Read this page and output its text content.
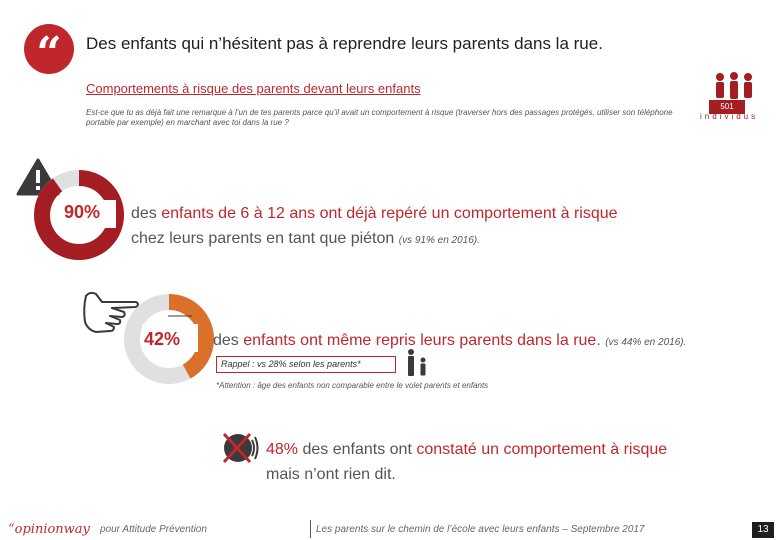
“	Des enfants qui n’hésitent pas à reprendre leurs parents dans la rue.
Comportements à risque des parents devant leurs enfants
Est-ce que tu as déjà fait une remarque à l’un de tes parents parce qu’il avait un comportement à risque (traverser hors des passages protégés, utiliser son téléphone portable par exemple) en marchant avec toi dans la rue ?
501
individus
90% des enfants de 6 à 12 ans ont déjà repéré un comportement à risque
chez leurs parents en tant que piéton (vs 91% en 2016).
42% des enfants ont même repris leurs parents dans la rue. (vs 44% en 2016).
Rappel : vs 28% selon les parents*
*Attention : âge des enfants non comparable entre le volet parents et enfants
48% des enfants ont constaté un comportement à risque
mais n’ont rien dit.
“opinionway pour Attitude Prévention	Les parents sur le chemin de l’école avec leurs enfants – Septembre 2017	13
